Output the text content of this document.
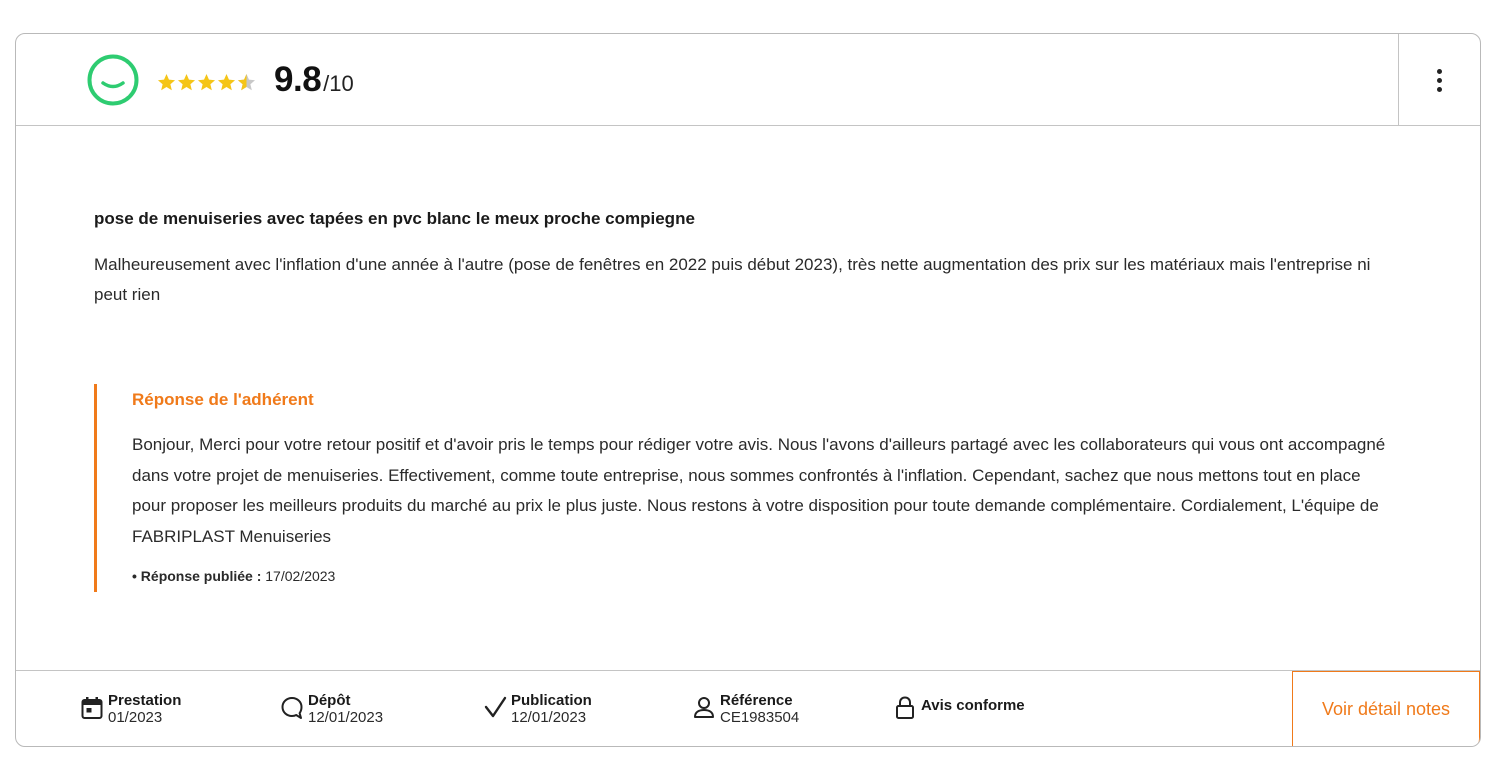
9.8 /10
pose de menuiseries avec tapées en pvc blanc le meux proche compiegne
Malheureusement avec l'inflation d'une année à l'autre (pose de fenêtres en 2022 puis début 2023), très nette augmentation des prix sur les matériaux mais l'entreprise ni peut rien
Réponse de l'adhérent
Bonjour, Merci pour votre retour positif et d'avoir pris le temps pour rédiger votre avis. Nous l'avons d'ailleurs partagé avec les collaborateurs qui vous ont accompagné dans votre projet de menuiseries. Effectivement, comme toute entreprise, nous sommes confrontés à l'inflation. Cependant, sachez que nous mettons tout en place pour proposer les meilleurs produits du marché au prix le plus juste. Nous restons à votre disposition pour toute demande complémentaire. Cordialement, L'équipe de FABRIPLAST Menuiseries
• Réponse publiée : 17/02/2023
Prestation
01/2023
Dépôt
12/01/2023
Publication
12/01/2023
Référence
CE1983504
Avis conforme	Voir détail notes
